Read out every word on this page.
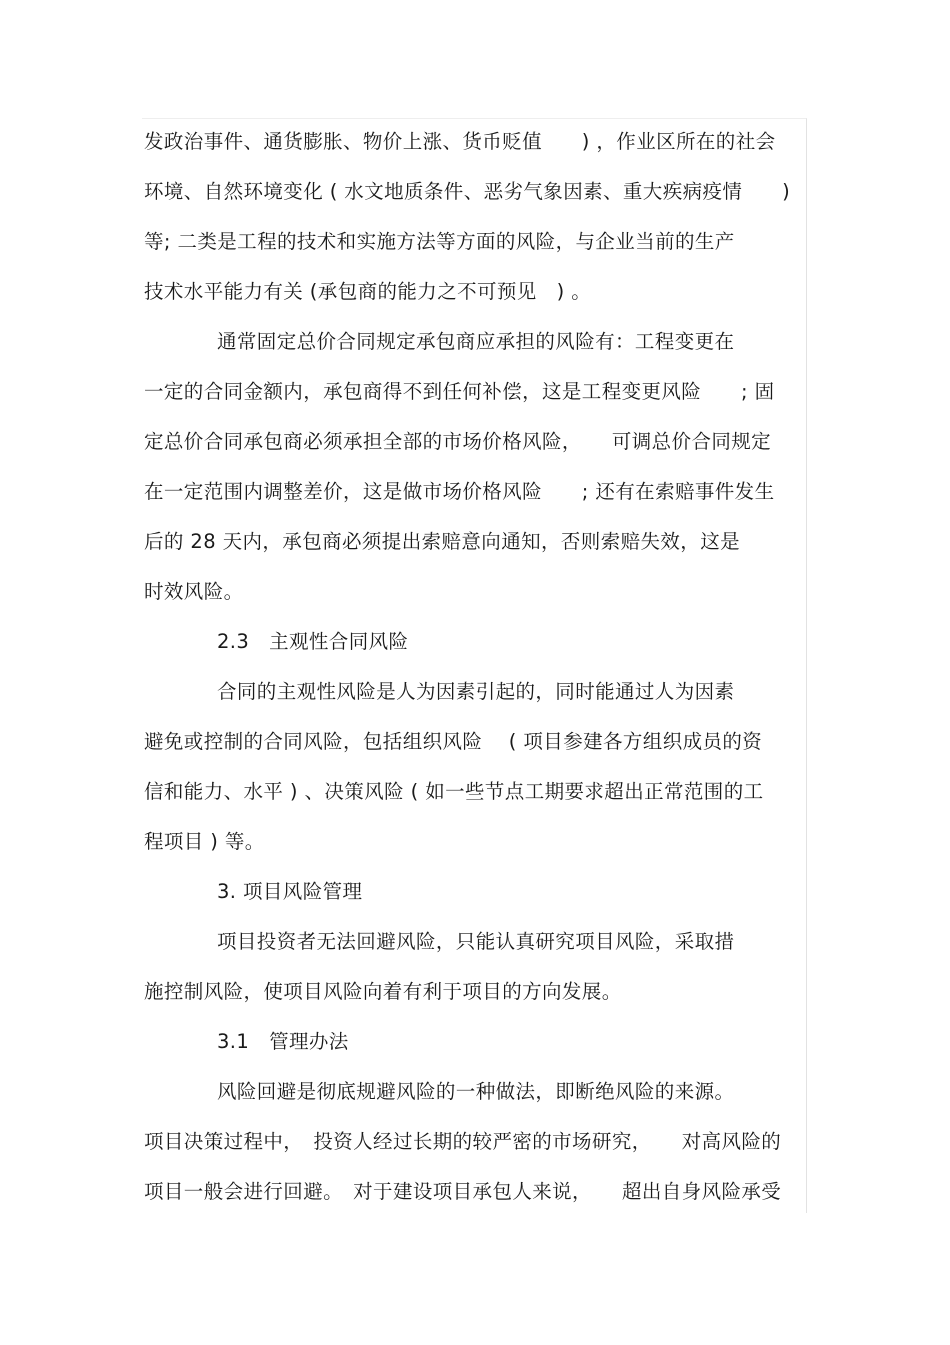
发政治事件、通货膨胀、物价上涨、货币贬值　　) ，作业区所在的社会
环境、自然环境变化 ( 水文地质条件、恶劣气象因素、重大疾病疫情　　)
等; 二类是工程的技术和实施方法等方面的风险，与企业当前的生产
技术水平能力有关 (承包商的能力之不可预见　) 。
通常固定总价合同规定承包商应承担的风险有：工程变更在
一定的合同金额内，承包商得不到任何补偿，这是工程变更风险　　; 固
定总价合同承包商必须承担全部的市场价格风险，　　可调总价合同规定
在一定范围内调整差价，这是做市场价格风险　　; 还有在索赔事件发生
后的 28 天内，承包商必须提出索赔意向通知，否则索赔失效，这是
时效风险。
2.3　主观性合同风险
合同的主观性风险是人为因素引起的，同时能通过人为因素
避免或控制的合同风险，包括组织风险　 ( 项目参建各方组织成员的资
信和能力、水平 ) 、决策风险 ( 如一些节点工期要求超出正常范围的工
程项目 ) 等。
3. 项目风险管理
项目投资者无法回避风险，只能认真研究项目风险，采取措
施控制风险，使项目风险向着有利于项目的方向发展。
3.1　管理办法
风险回避是彻底规避风险的一种做法，即断绝风险的来源。
项目决策过程中，　投资人经过长期的较严密的市场研究，　　对高风险的
项目一般会进行回避。　对于建设项目承包人来说，　　超出自身风险承受
